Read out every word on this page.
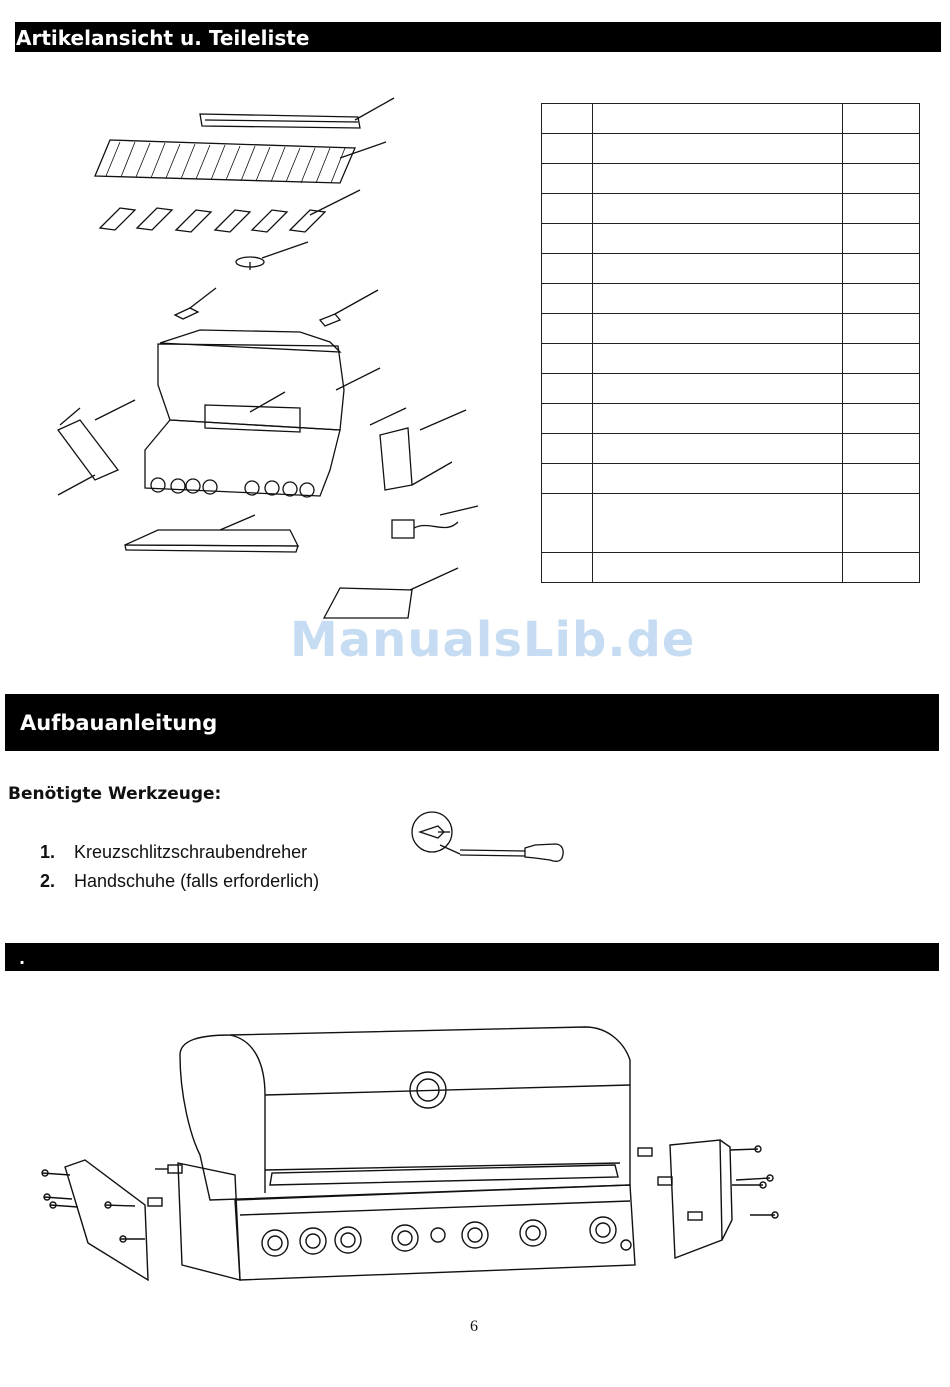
Artikelansicht u. Teileliste

ManualsLib.de
Aufbauanleitung
Benötigte Werkzeuge:
1. Kreuzschlitzschraubendreher
2. Handschuhe (falls erforderlich)
.
6
